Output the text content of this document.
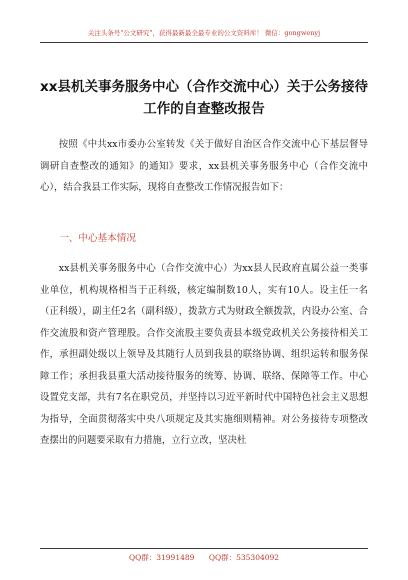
关注头条号"公文研究"，获得最新最全最专业的公文资料库！ 微信：gongwenyj
xx县机关事务服务中心（合作交流中心）关于公务接待工作的自查整改报告
按照《中共xx市委办公室转发《关于做好自治区合作交流中心下基层督导调研自查整改的通知》的通知》要求，xx县机关事务服务中心（合作交流中心），结合我县工作实际，现将自查整改工作情况报告如下：
一、中心基本情况
xx县机关事务服务中心（合作交流中心）为xx县人民政府直属公益一类事业单位，机构规格相当于正科级，核定编制数10人，实有10人。设主任一名（正科级），副主任2名（副科级），拨款方式为财政全额拨款，内设办公室、合作交流股和资产管理股。合作交流股主要负责县本级党政机关公务接待相关工作，承担副处级以上领导及其随行人员到我县的联络协调、组织运转和服务保障工作；承担我县重大活动接待服务的统筹、协调、联络、保障等工作。中心设置党支部，共有7名在职党员，并坚持以习近平新时代中国特色社会主义思想为指导，全面贯彻落实中央八项规定及其实施细则精神。对公务接待专项整改查摆出的问题要采取有力措施，立行立改，坚决杜
QQ群：31991489 QQ群：535304092
